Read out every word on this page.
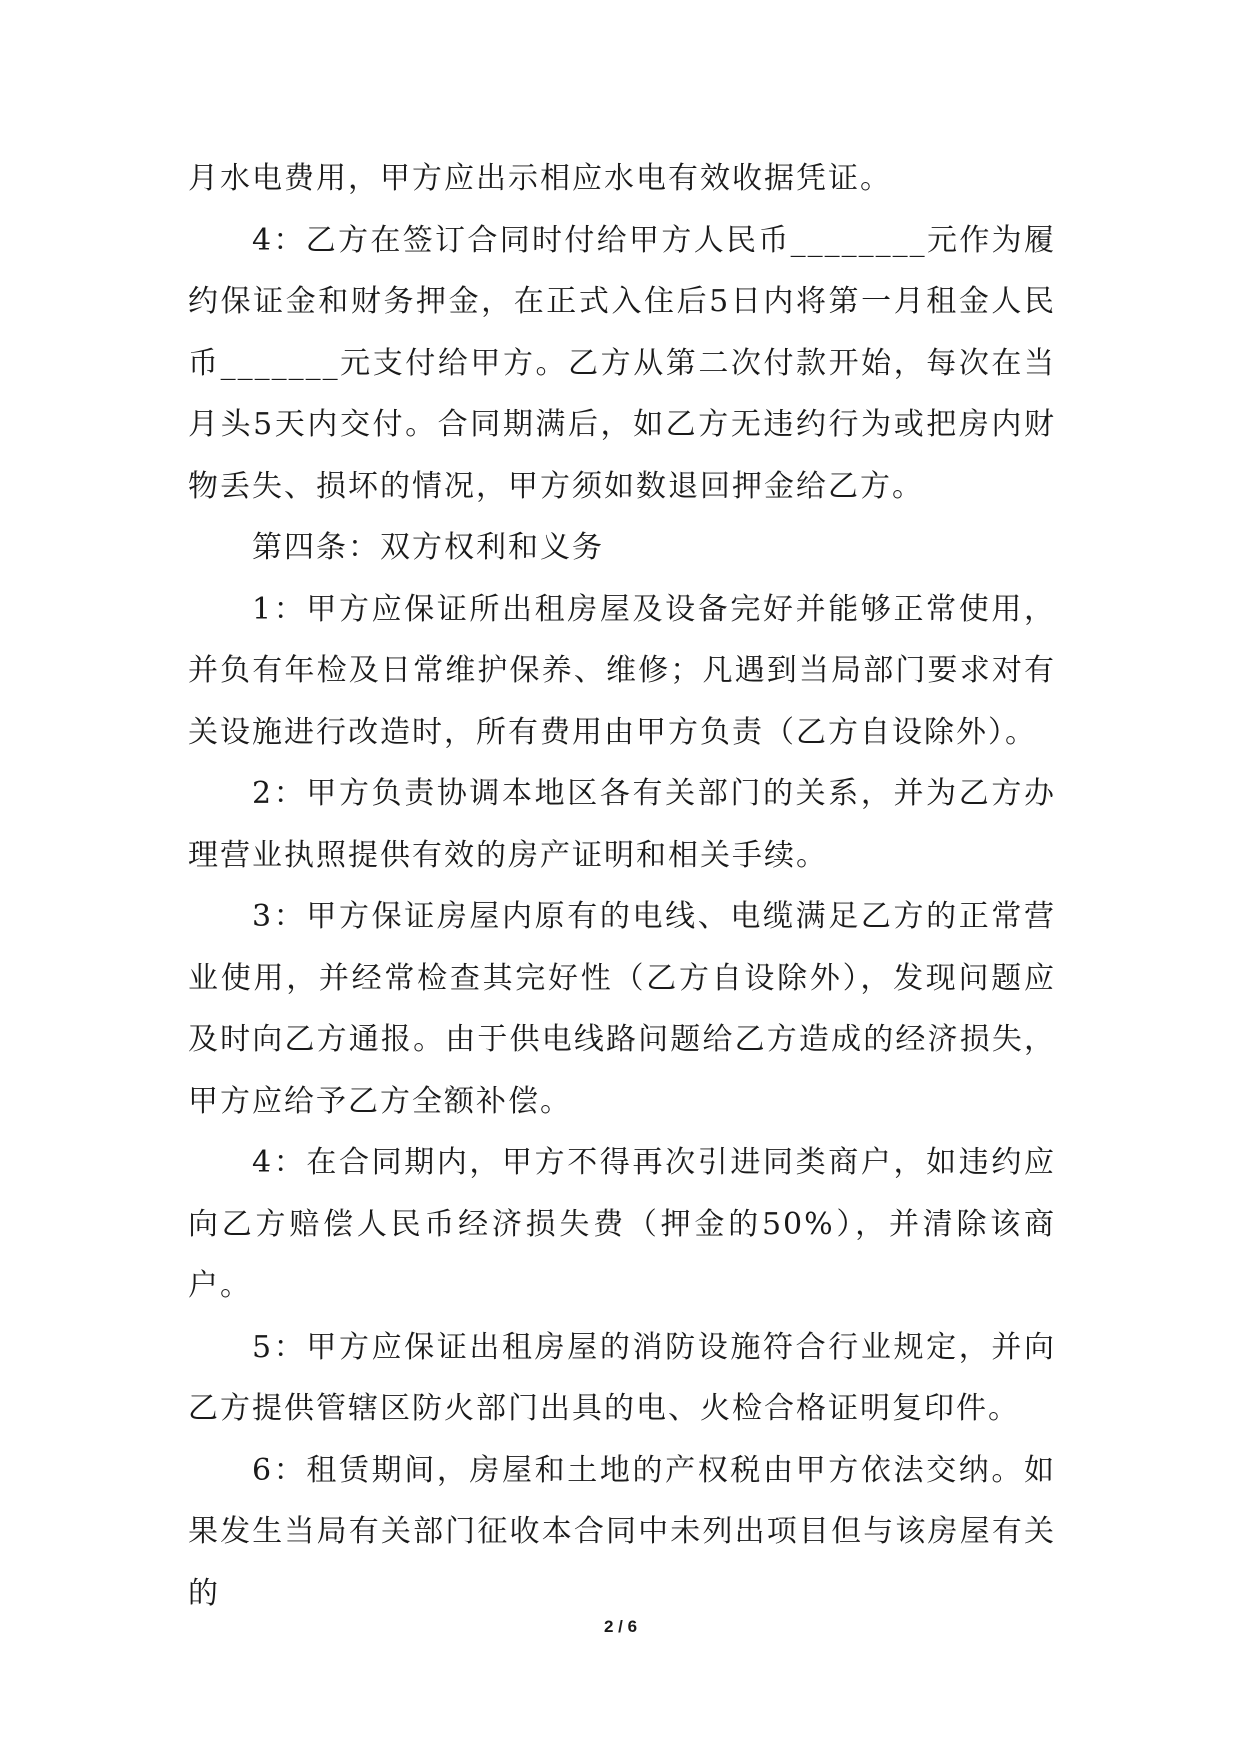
月水电费用，甲方应出示相应水电有效收据凭证。

4：乙方在签订合同时付给甲方人民币________元作为履约保证金和财务押金，在正式入住后5日内将第一月租金人民币_______元支付给甲方。乙方从第二次付款开始，每次在当月头5天内交付。合同期满后，如乙方无违约行为或把房内财物丢失、损坏的情况，甲方须如数退回押金给乙方。

第四条：双方权利和义务

1：甲方应保证所出租房屋及设备完好并能够正常使用，并负有年检及日常维护保养、维修；凡遇到当局部门要求对有关设施进行改造时，所有费用由甲方负责（乙方自设除外）。

2：甲方负责协调本地区各有关部门的关系，并为乙方办理营业执照提供有效的房产证明和相关手续。

3：甲方保证房屋内原有的电线、电缆满足乙方的正常营业使用，并经常检查其完好性（乙方自设除外），发现问题应及时向乙方通报。由于供电线路问题给乙方造成的经济损失，甲方应给予乙方全额补偿。

4：在合同期内，甲方不得再次引进同类商户，如违约应向乙方赔偿人民币经济损失费（押金的50%），并清除该商户。

5：甲方应保证出租房屋的消防设施符合行业规定，并向乙方提供管辖区防火部门出具的电、火检合格证明复印件。

6：租赁期间，房屋和土地的产权税由甲方依法交纳。如果发生当局有关部门征收本合同中未列出项目但与该房屋有关的

2 / 6
